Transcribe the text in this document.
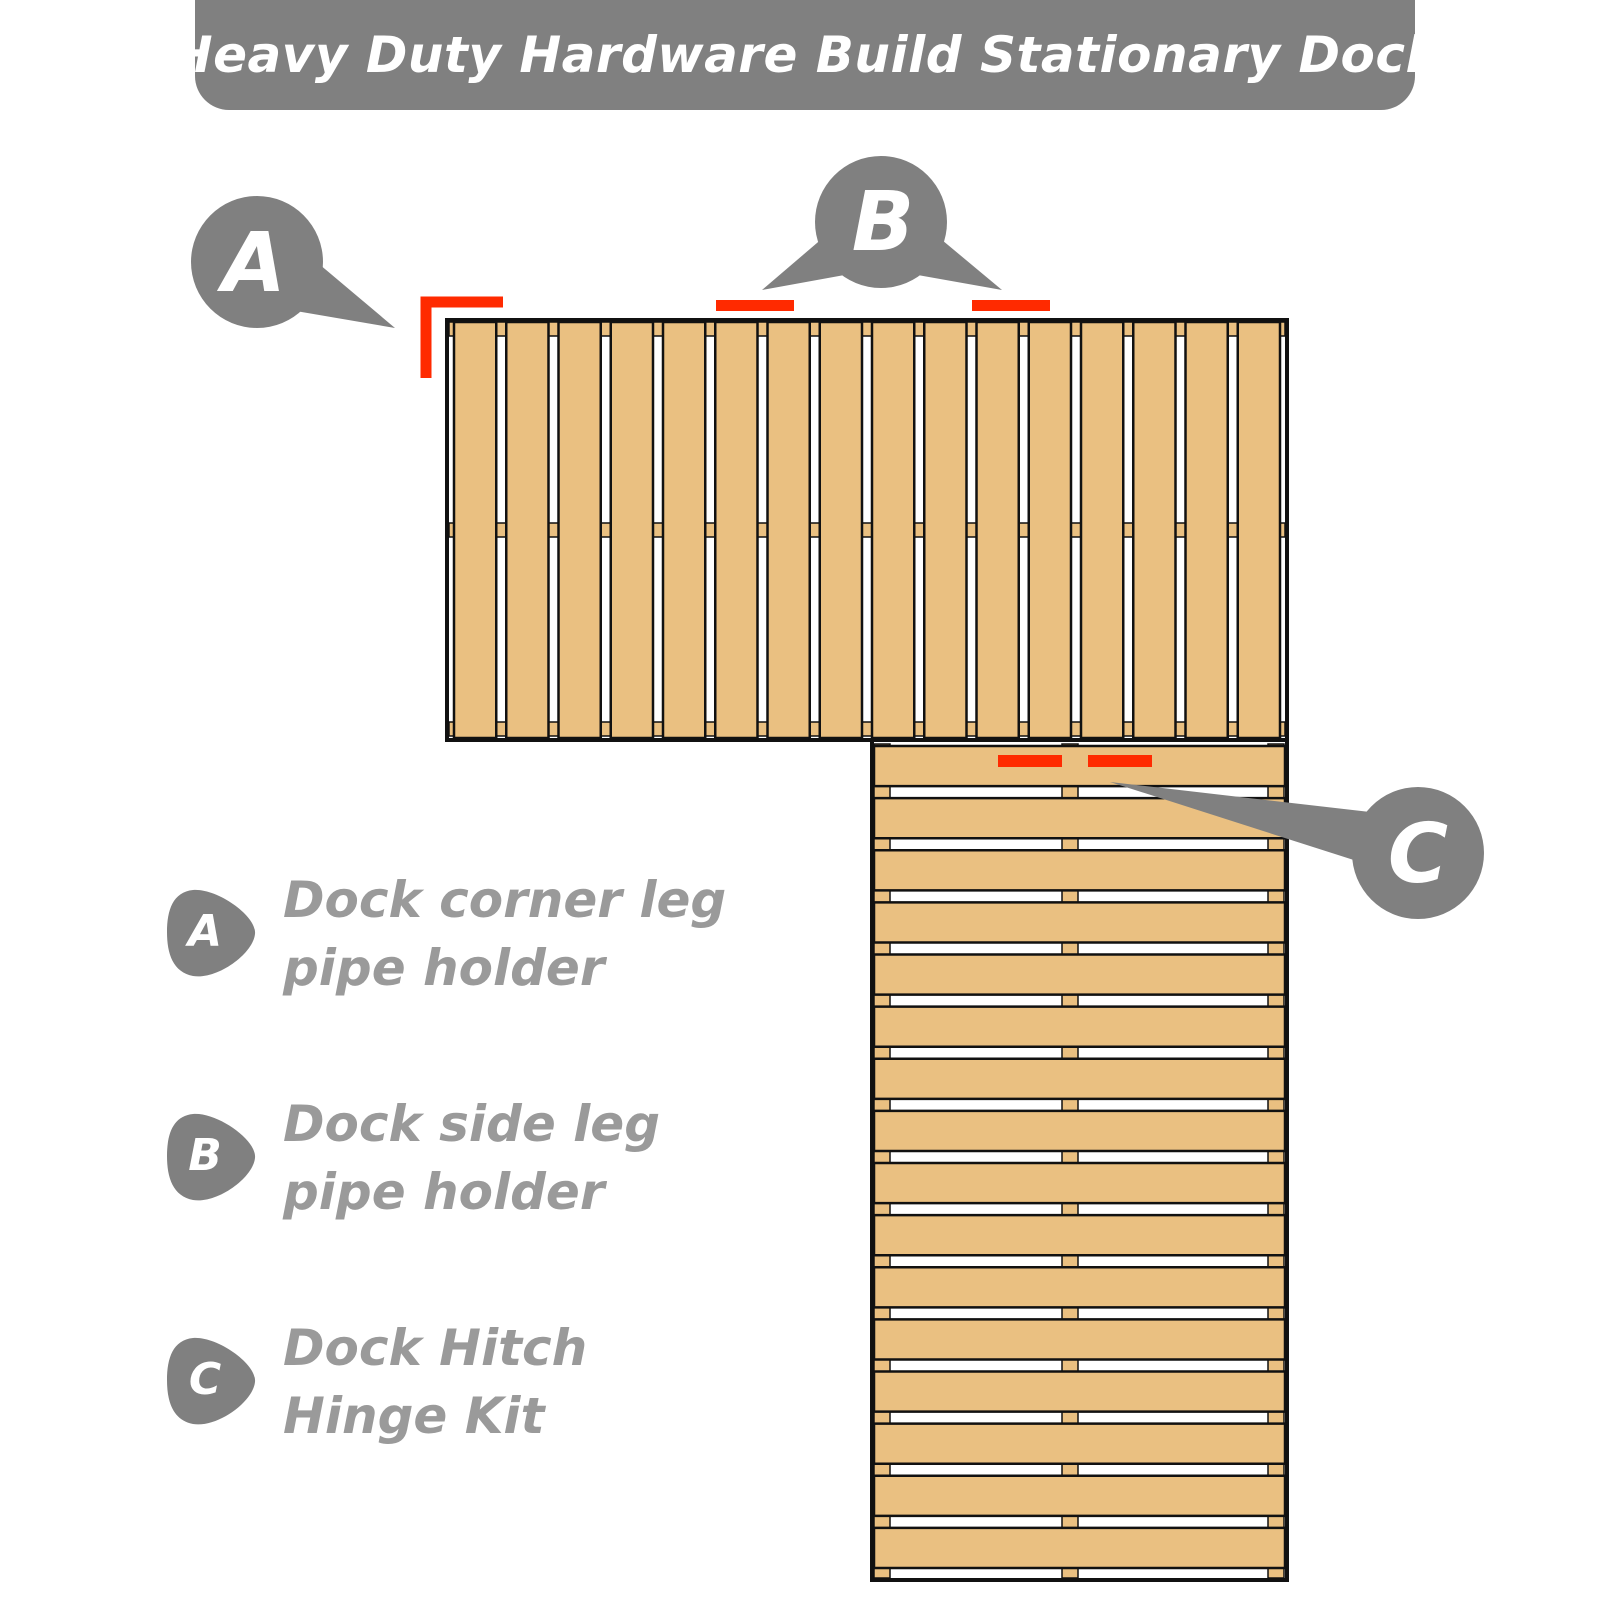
Heavy Duty Hardware Build Stationary Dock
A	B
C
A
Dock corner leg
pipe holder
B
Dock side leg
pipe holder
C
Dock Hitch
Hinge Kit
